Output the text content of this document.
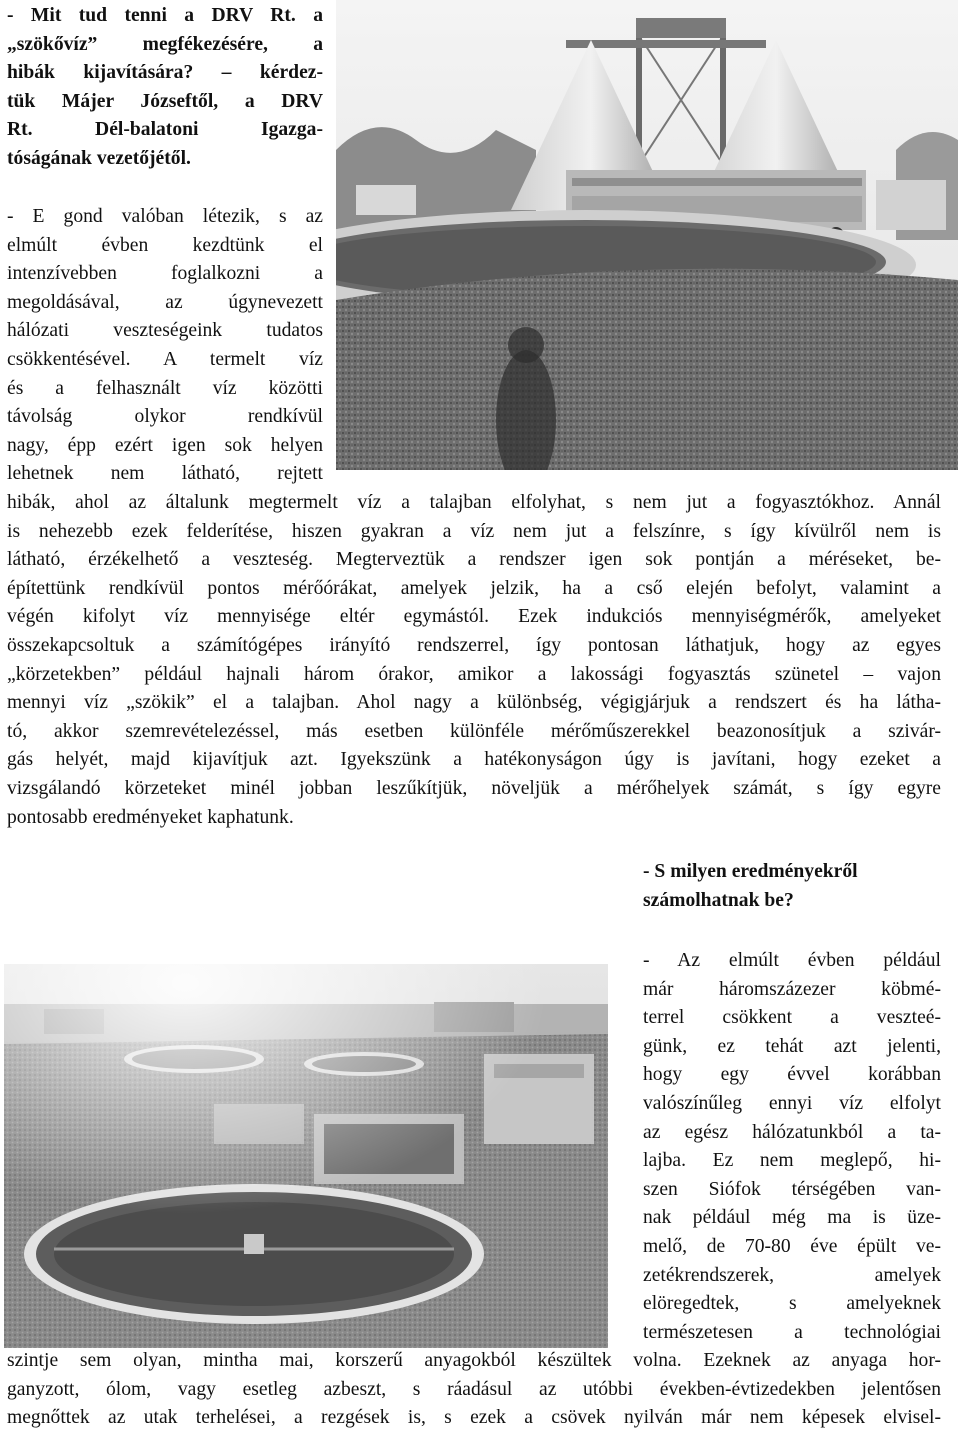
- Mit tud tenni a DRV Rt. a
„szökővíz” megfékezésére, a
hibák kijavítására? – kérdez-
tük Májer Józseftől, a DRV
Rt. Dél-balatoni Igazga-
tóságának vezetőjétől.
- E gond valóban létezik, s az
elmúlt évben kezdtünk el
intenzívebben foglalkozni a
megoldásával, az úgynevezett
hálózati veszteségeink tudatos
csökkentésével. A termelt víz
és a felhasznált víz közötti
távolság olykor rendkívül
nagy, épp ezért igen sok helyen
lehetnek nem látható, rejtett
hibák, ahol az általunk megtermelt víz a talajban elfolyhat, s nem jut a fogyasztókhoz. Annál
is nehezebb ezek felderítése, hiszen gyakran a víz nem jut a felszínre, s így kívülről nem is
látható, érzékelhető a veszteség. Megterveztük a rendszer igen sok pontján a méréseket, be-
építettünk rendkívül pontos mérőórákat, amelyek jelzik, ha a cső elején befolyt, valamint a
végén kifolyt víz mennyisége eltér egymástól. Ezek indukciós mennyiségmérők, amelyeket
összekapcsoltuk a számítógépes irányító rendszerrel, így pontosan láthatjuk, hogy az egyes
„körzetekben” például hajnali három órakor, amikor a lakossági fogyasztás szünetel – vajon
mennyi víz „szökik” el a talajban. Ahol nagy a különbség, végigjárjuk a rendszert és ha látha-
tó, akkor szemrevételezéssel, más esetben különféle mérőműszerekkel beazonosítjuk a szivár-
gás helyét, majd kijavítjuk azt. Igyekszünk a hatékonyságon úgy is javítani, hogy ezeket a
vizsgálandó körzeteket minél jobban leszűkítjük, növeljük a mérőhelyek számát, s így egyre
pontosabb eredményeket kaphatunk.
- S milyen eredményekről
számolhatnak be?
- Az elmúlt évben például
már háromszázezer köbmé-
terrel csökkent a veszteé-
günk, ez tehát azt jelenti,
hogy egy évvel korábban
valószínűleg ennyi víz elfolyt
az egész hálózatunkból a ta-
lajba. Ez nem meglepő, hi-
szen Siófok térségében van-
nak például még ma is üze-
melő, de 70-80 éve épült ve-
zetékrendszerek, amelyek
elöregedtek, s amelyeknek
természetesen a technológiai
szintje sem olyan, mintha mai, korszerű anyagokból készültek volna. Ezeknek az anyaga hor-
ganyzott, ólom, vagy esetleg azbeszt, s ráadásul az utóbbi években-évtizedekben jelentősen
megnőttek az utak terhelései, a rezgések is, s ezek a csövek nyilván már nem képesek elvisel-
